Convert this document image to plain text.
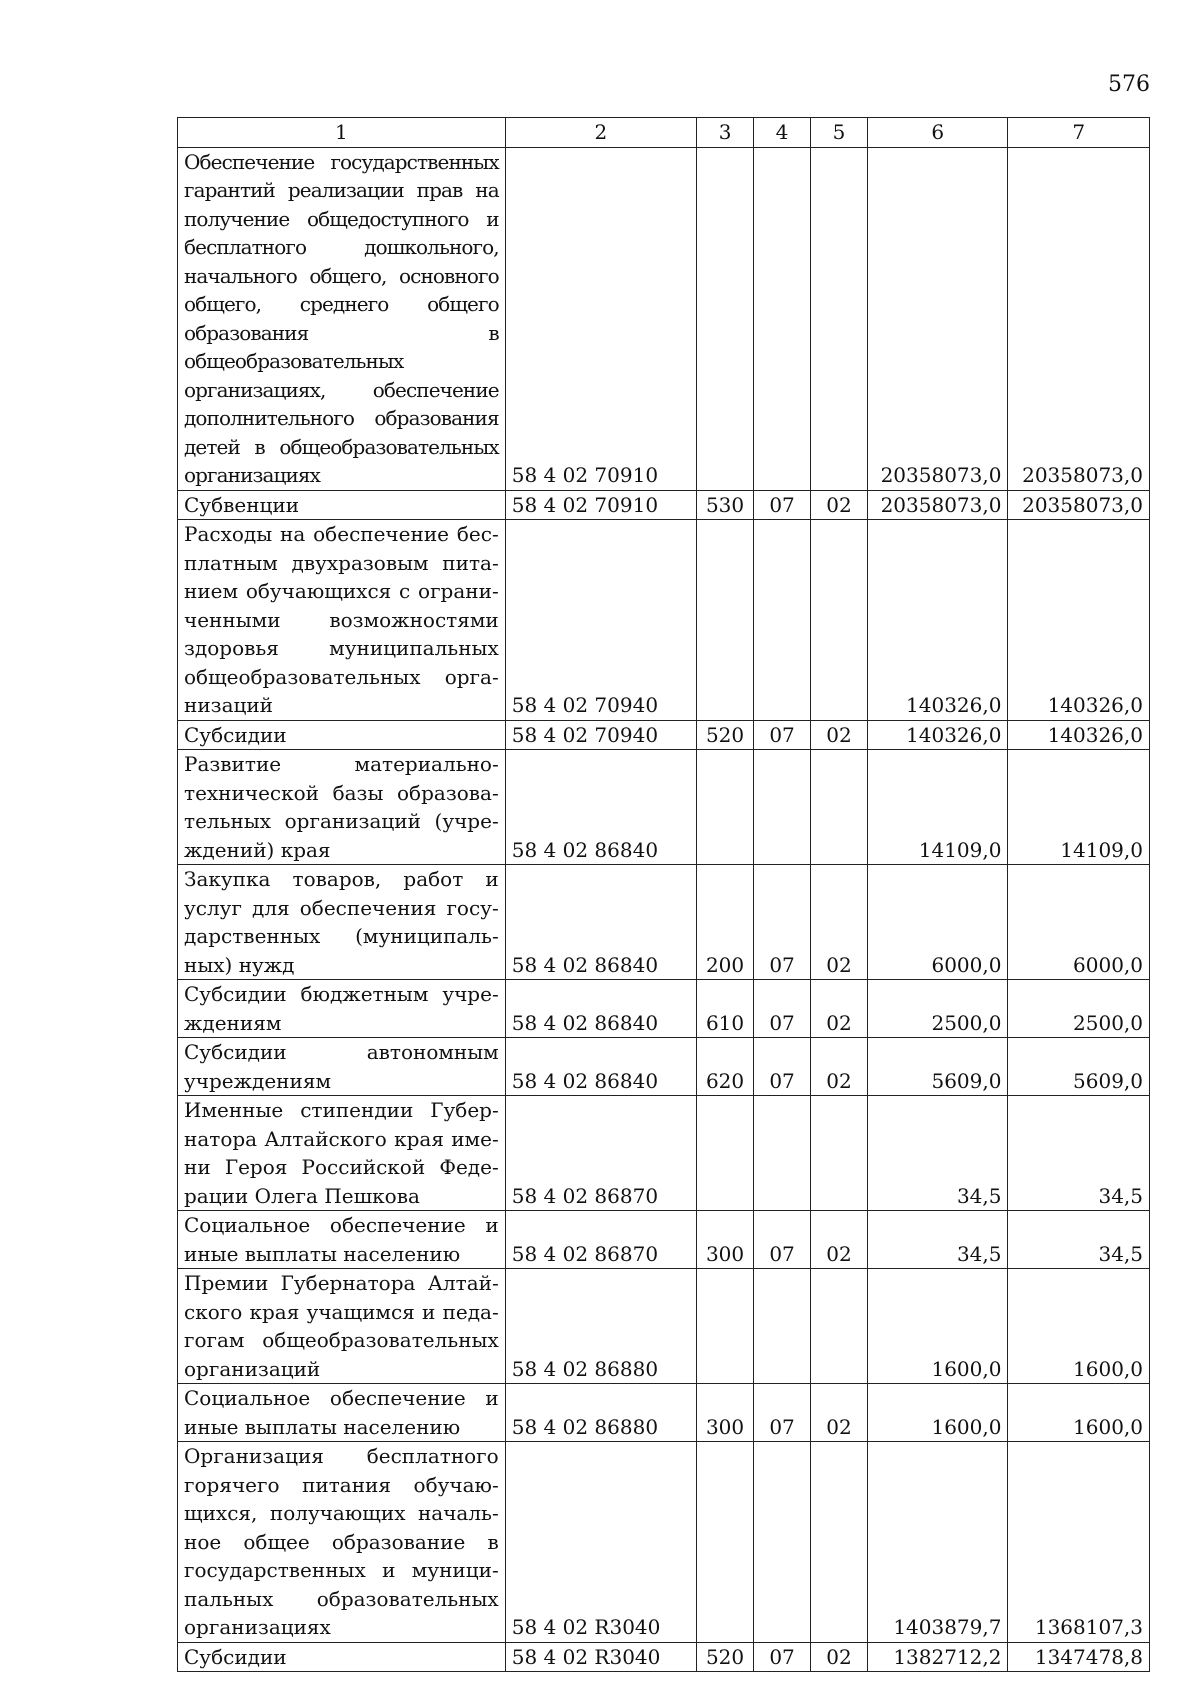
576
1	2	3	4	5	6	7
Обеспечение государственных гарантий реализации прав на получение общедоступного и бесплатного дошкольного, начального общего, основного общего, среднего общего образования в общеобразовательных организациях, обеспечение дополнительного образования детей в общеобразовательных организациях	58 4 02 70910				20358073,0	20358073,0
Субвенции	58 4 02 70910	530	07	02	20358073,0	20358073,0
Расходы на обеспечение бесплатным двухразовым питанием обучающихся с ограниченными возможностями здоровья муниципальных общеобразовательных организаций	58 4 02 70940				140326,0	140326,0
Субсидии	58 4 02 70940	520	07	02	140326,0	140326,0
Развитие материально-технической базы образовательных организаций (учреждений) края	58 4 02 86840				14109,0	14109,0
Закупка товаров, работ и услуг для обеспечения государственных (муниципальных) нужд	58 4 02 86840	200	07	02	6000,0	6000,0
Субсидии бюджетным учреждениям	58 4 02 86840	610	07	02	2500,0	2500,0
Субсидии автономным учреждениям	58 4 02 86840	620	07	02	5609,0	5609,0
Именные стипендии Губернатора Алтайского края имени Героя Российской Федерации Олега Пешкова	58 4 02 86870				34,5	34,5
Социальное обеспечение и иные выплаты населению	58 4 02 86870	300	07	02	34,5	34,5
Премии Губернатора Алтайского края учащимся и педагогам общеобразовательных организаций	58 4 02 86880				1600,0	1600,0
Социальное обеспечение и иные выплаты населению	58 4 02 86880	300	07	02	1600,0	1600,0
Организация бесплатного горячего питания обучающихся, получающих начальное общее образование в государственных и муниципальных образовательных организациях	58 4 02 R3040				1403879,7	1368107,3
Субсидии	58 4 02 R3040	520	07	02	1382712,2	1347478,8
